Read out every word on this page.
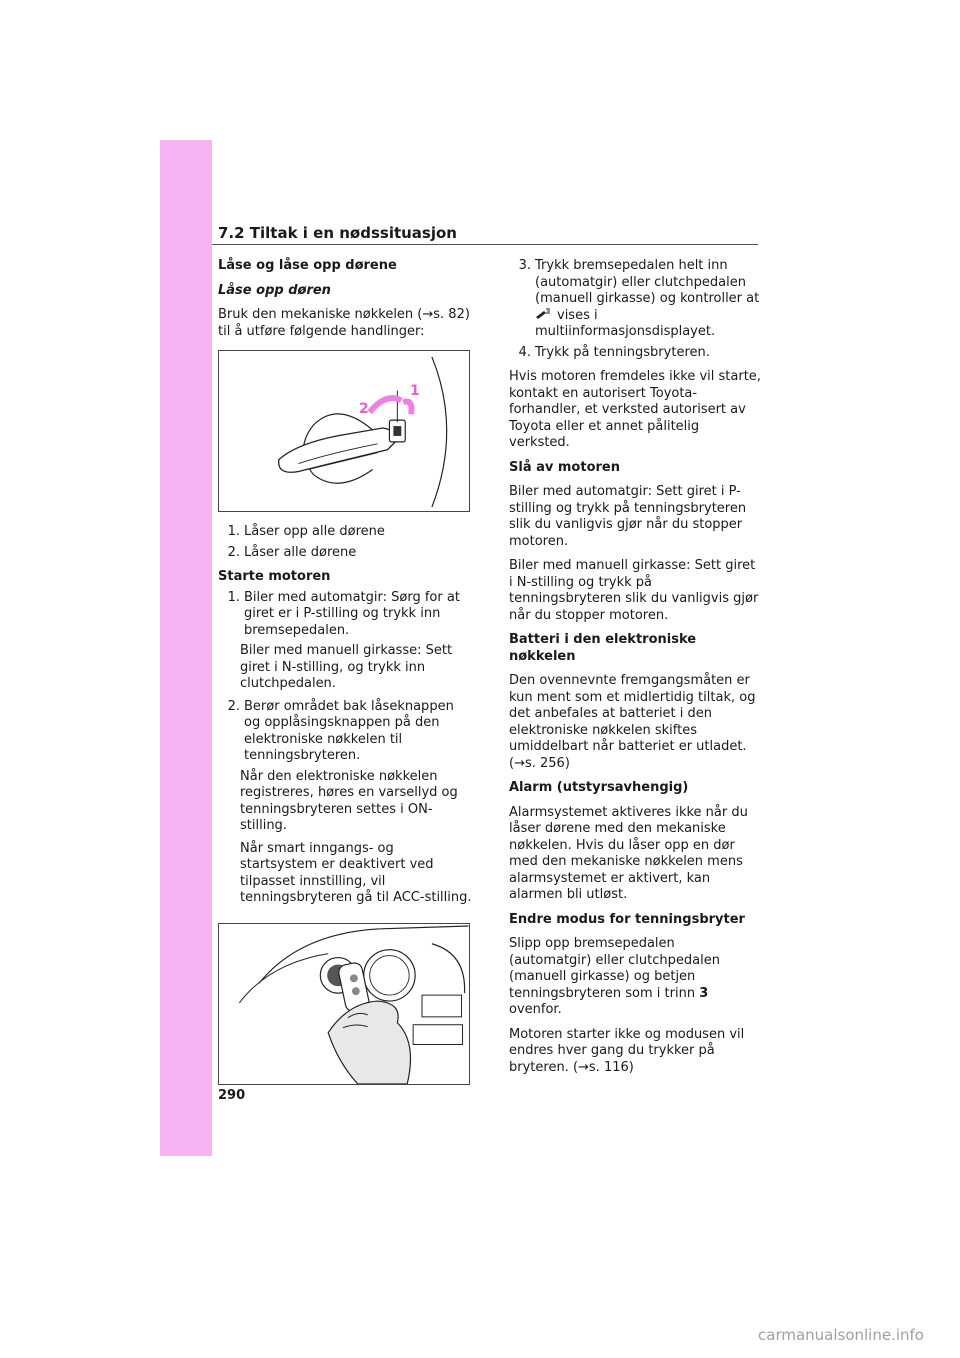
7.2 Tiltak i en nødssituasjon
Låse og låse opp dørene
Låse opp døren

Bruk den mekaniske nøkkelen (→s. 82) til å utføre følgende handlinger:

1
2
1. Låser opp alle dørene
2. Låser alle dørene
Starte motoren
1. Biler med automatgir: Sørg for at giret er i P-stilling og trykk inn bremsepedalen.
Biler med manuell girkasse: Sett giret i N-stilling, og trykk inn clutchpedalen.
2. Berør området bak låseknappen og opplåsingsknappen på den elektroniske nøkkelen til tenningsbryteren.
Når den elektroniske nøkkelen registreres, høres en varsellyd og tenningsbryteren settes i ON-stilling.
Når smart inngangs- og startsystem er deaktivert ved tilpasset innstilling, vil tenningsbryteren gå til ACC-stilling.
3. Trykk bremsepedalen helt inn (automatgir) eller clutchpedalen (manuell girkasse) og kontroller at
vises i multiinformasjonsdisplayet.
4. Trykk på tenningsbryteren.

Hvis motoren fremdeles ikke vil starte, kontakt en autorisert Toyota-forhandler, et verksted autorisert av Toyota eller et annet pålitelig verksted.

Slå av motoren

Biler med automatgir: Sett giret i P-stilling og trykk på tenningsbryteren slik du vanligvis gjør når du stopper motoren.

Biler med manuell girkasse: Sett giret i N-stilling og trykk på tenningsbryteren slik du vanligvis gjør når du stopper motoren.

Batteri i den elektroniske nøkkelen

Den ovennevnte fremgangsmåten er kun ment som et midlertidig tiltak, og det anbefales at batteriet i den elektroniske nøkkelen skiftes umiddelbart når batteriet er utladet. (→s. 256)

Alarm (utstyrsavhengig)

Alarmsystemet aktiveres ikke når du låser dørene med den mekaniske nøkkelen. Hvis du låser opp en dør med den mekaniske nøkkelen mens alarmsystemet er aktivert, kan alarmen bli utløst.

Endre modus for tenningsbryter

Slipp opp bremsepedalen (automatgir) eller clutchpedalen (manuell girkasse) og betjen tenningsbryteren som i trinn 3 ovenfor.

Motoren starter ikke og modusen vil endres hver gang du trykker på bryteren. (→s. 116)

290
carmanualsonline.info
